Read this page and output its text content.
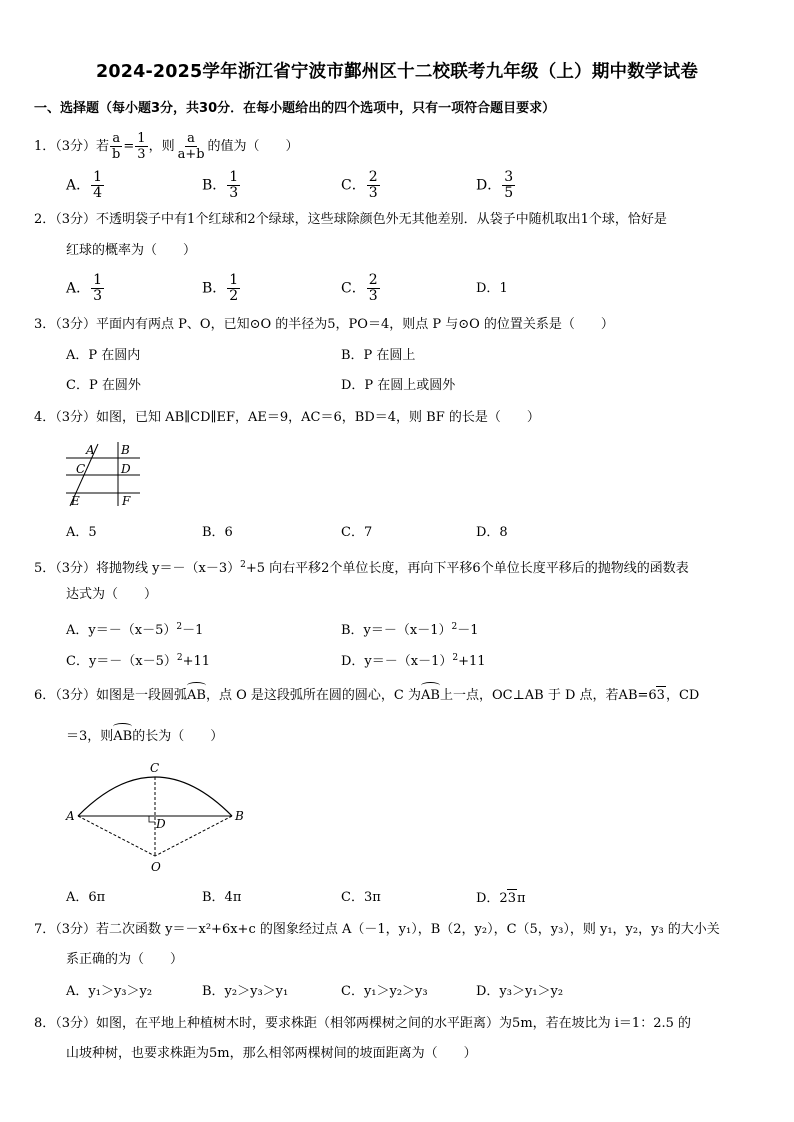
2024-2025学年浙江省宁波市鄞州区十二校联考九年级（上）期中数学试卷
一、选择题（每小题3分，共30分．在每小题给出的四个选项中，只有一项符合题目要求）
1．（3分）若 $\frac{a}{b} = \frac{1}{3}$ ，则 $\frac{a}{a+b}$ 的值为（　　）
A． $\frac{1}{4}$	B． $\frac{1}{3}$	C． $\frac{2}{3}$	D． $\frac{3}{5}$
2．（3分）不透明袋子中有1个红球和2个绿球，这些球除颜色外无其他差别．从袋子中随机取出1个球，恰好是
红球的概率为（　　）
A． $\frac{1}{3}$	B． $\frac{1}{2}$	C． $\frac{2}{3}$	D．1
3．（3分）平面内有两点 P、O，已知⊙O 的半径为5，PO＝4，则点 P 与⊙O 的位置关系是（　　）
A．P 在圆内	B．P 在圆上
C．P 在圆外	D．P 在圆上或圆外
4．（3分）如图，已知 AB∥CD∥EF，AE＝9，AC＝6，BD＝4，则 BF 的长是（　　）
A B
C	D
E	F
A．5	B．6	C．7	D．8
5．（3分）将抛物线 $y=-(x-3)^2+5$ 向右平移2个单位长度，再向下平移6个单位长度平移后的抛物线的函数表
达式为（　　）
A．$y=-(x-5)^2-1$	B．$y=-(x-1)^2-1$
C．$y=-(x-5)^2+11$	D．$y=-(x-1)^2+11$
6．（3分）如图是一段圆弧AB，点 O 是这段弧所在圆的圆心，C 为AB上一点，OC⊥AB 于 D 点，若AB=63，CD
＝3，则AB的长为（　　）
C
A	B
D
O
A．6π	B．4π	C．3π	D．23π
7．（3分）若二次函数 y＝－x²+6x+c 的图象经过点 A（－1，y₁），B（2，y₂），C（5，y₃），则 y₁，y₂，y₃ 的大小关
系正确的为（　　）
A．y₁＞y₃＞y₂	B．y₂＞y₃＞y₁	C．y₁＞y₂＞y₃	D．y₃＞y₁＞y₂
8．（3分）如图，在平地上种植树木时，要求株距（相邻两棵树之间的水平距离）为5m，若在坡比为 i＝1：2.5 的
山坡种树，也要求株距为5m，那么相邻两棵树间的坡面距离为（　　）
